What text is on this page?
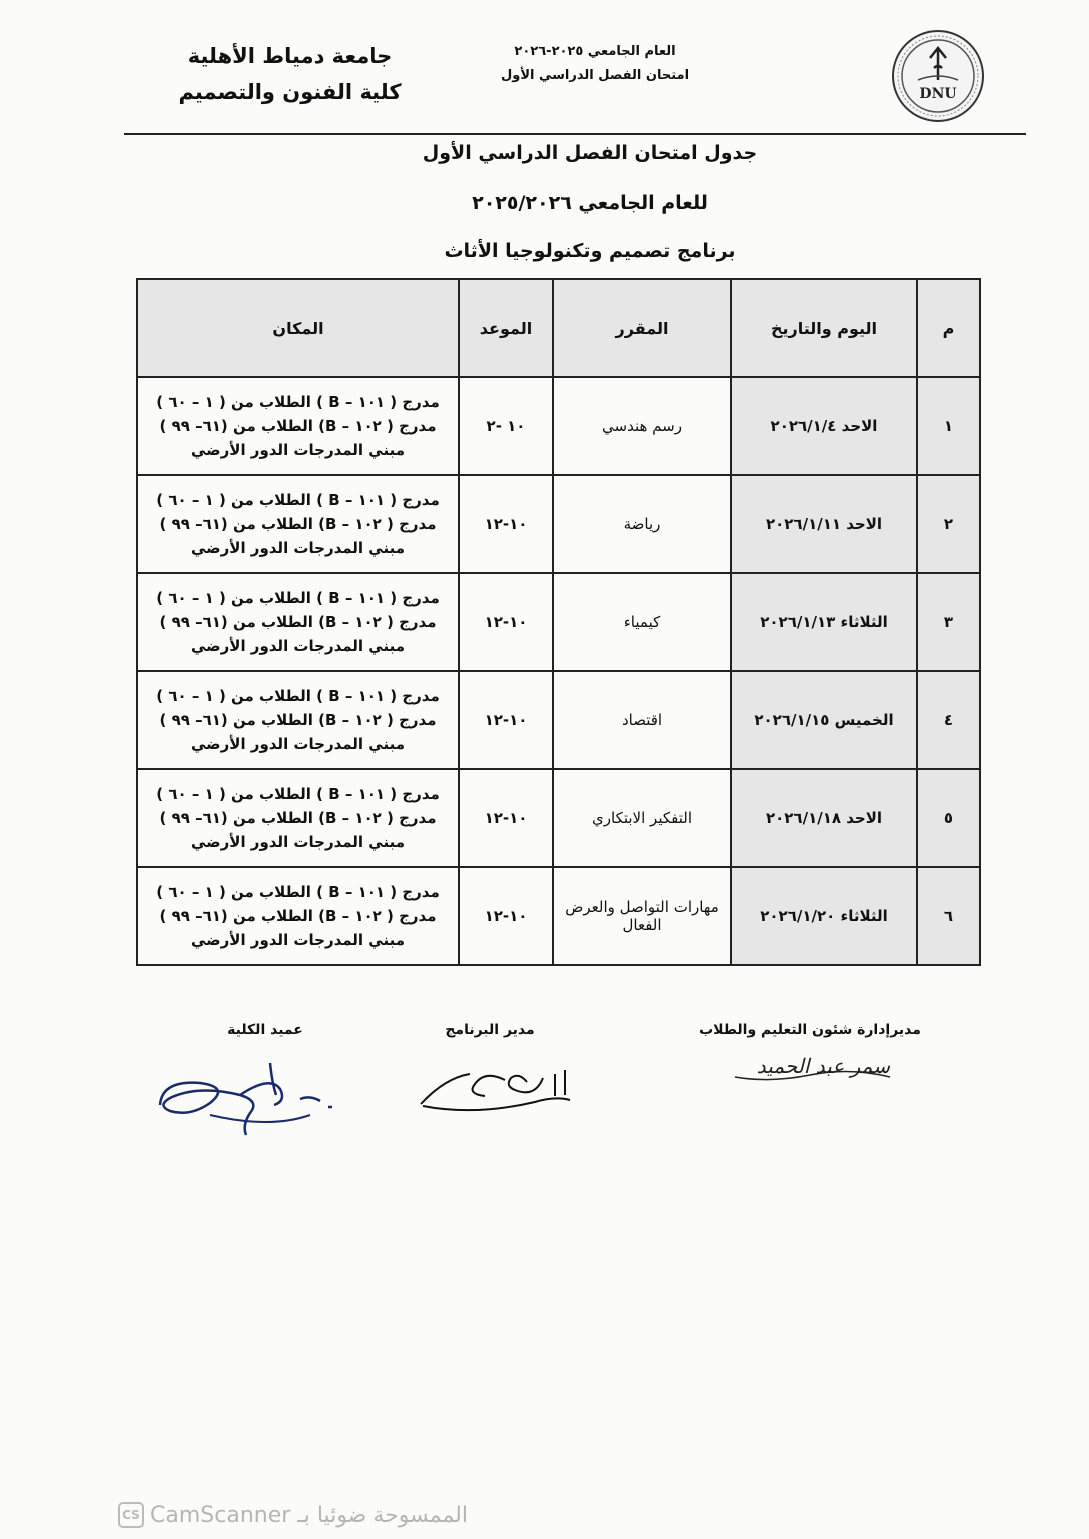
جامعة دمياط الأهلية
كلية الفنون والتصميم
العام الجامعي ٢٠٢٥-٢٠٢٦
امتحان الفصل الدراسي الأول
DNU
جدول امتحان الفصل الدراسي الأول
للعام الجامعي ٢٠٢٥/٢٠٢٦
برنامج تصميم وتكنولوجيا الأثاث
م	اليوم والتاريخ	المقرر	الموعد	المكان
١	الاحد ٢٠٢٦/١/٤	رسم هندسي	١٠ -٢	مدرج ( ١٠١ – B ) الطلاب من ( ١ – ٦٠ )
مدرج ( ١٠٢ – B) الطلاب من (٦١– ٩٩ )
مبني المدرجات الدور الأرضي

٢	الاحد ٢٠٢٦/١/١١	رياضة	١٠-١٢	مدرج ( ١٠١ – B ) الطلاب من ( ١ – ٦٠ )
مدرج ( ١٠٢ – B) الطلاب من (٦١– ٩٩ )
مبني المدرجات الدور الأرضي

٣	الثلاثاء ٢٠٢٦/١/١٣	كيمياء	١٠-١٢	مدرج ( ١٠١ – B ) الطلاب من ( ١ – ٦٠ )
مدرج ( ١٠٢ – B) الطلاب من (٦١– ٩٩ )
مبني المدرجات الدور الأرضي

٤	الخميس ٢٠٢٦/١/١٥	اقتصاد	١٠-١٢	مدرج ( ١٠١ – B ) الطلاب من ( ١ – ٦٠ )
مدرج ( ١٠٢ – B) الطلاب من (٦١– ٩٩ )
مبني المدرجات الدور الأرضي

٥	الاحد ٢٠٢٦/١/١٨	التفكير الابتكاري	١٠-١٢	مدرج ( ١٠١ – B ) الطلاب من ( ١ – ٦٠ )
مدرج ( ١٠٢ – B) الطلاب من (٦١– ٩٩ )
مبني المدرجات الدور الأرضي

٦	الثلاثاء ٢٠٢٦/١/٢٠	مهارات التواصل والعرض الفعال	١٠-١٢	مدرج ( ١٠١ – B ) الطلاب من ( ١ – ٦٠ )
مدرج ( ١٠٢ – B) الطلاب من (٦١– ٩٩ )
مبني المدرجات الدور الأرضي
مديرإدارة شئون التعليم والطلاب
مدير البرنامج
عميد الكلية
سمر عبد الحميد
الممسوحة ضوئيا بـ CamScanner
CS
